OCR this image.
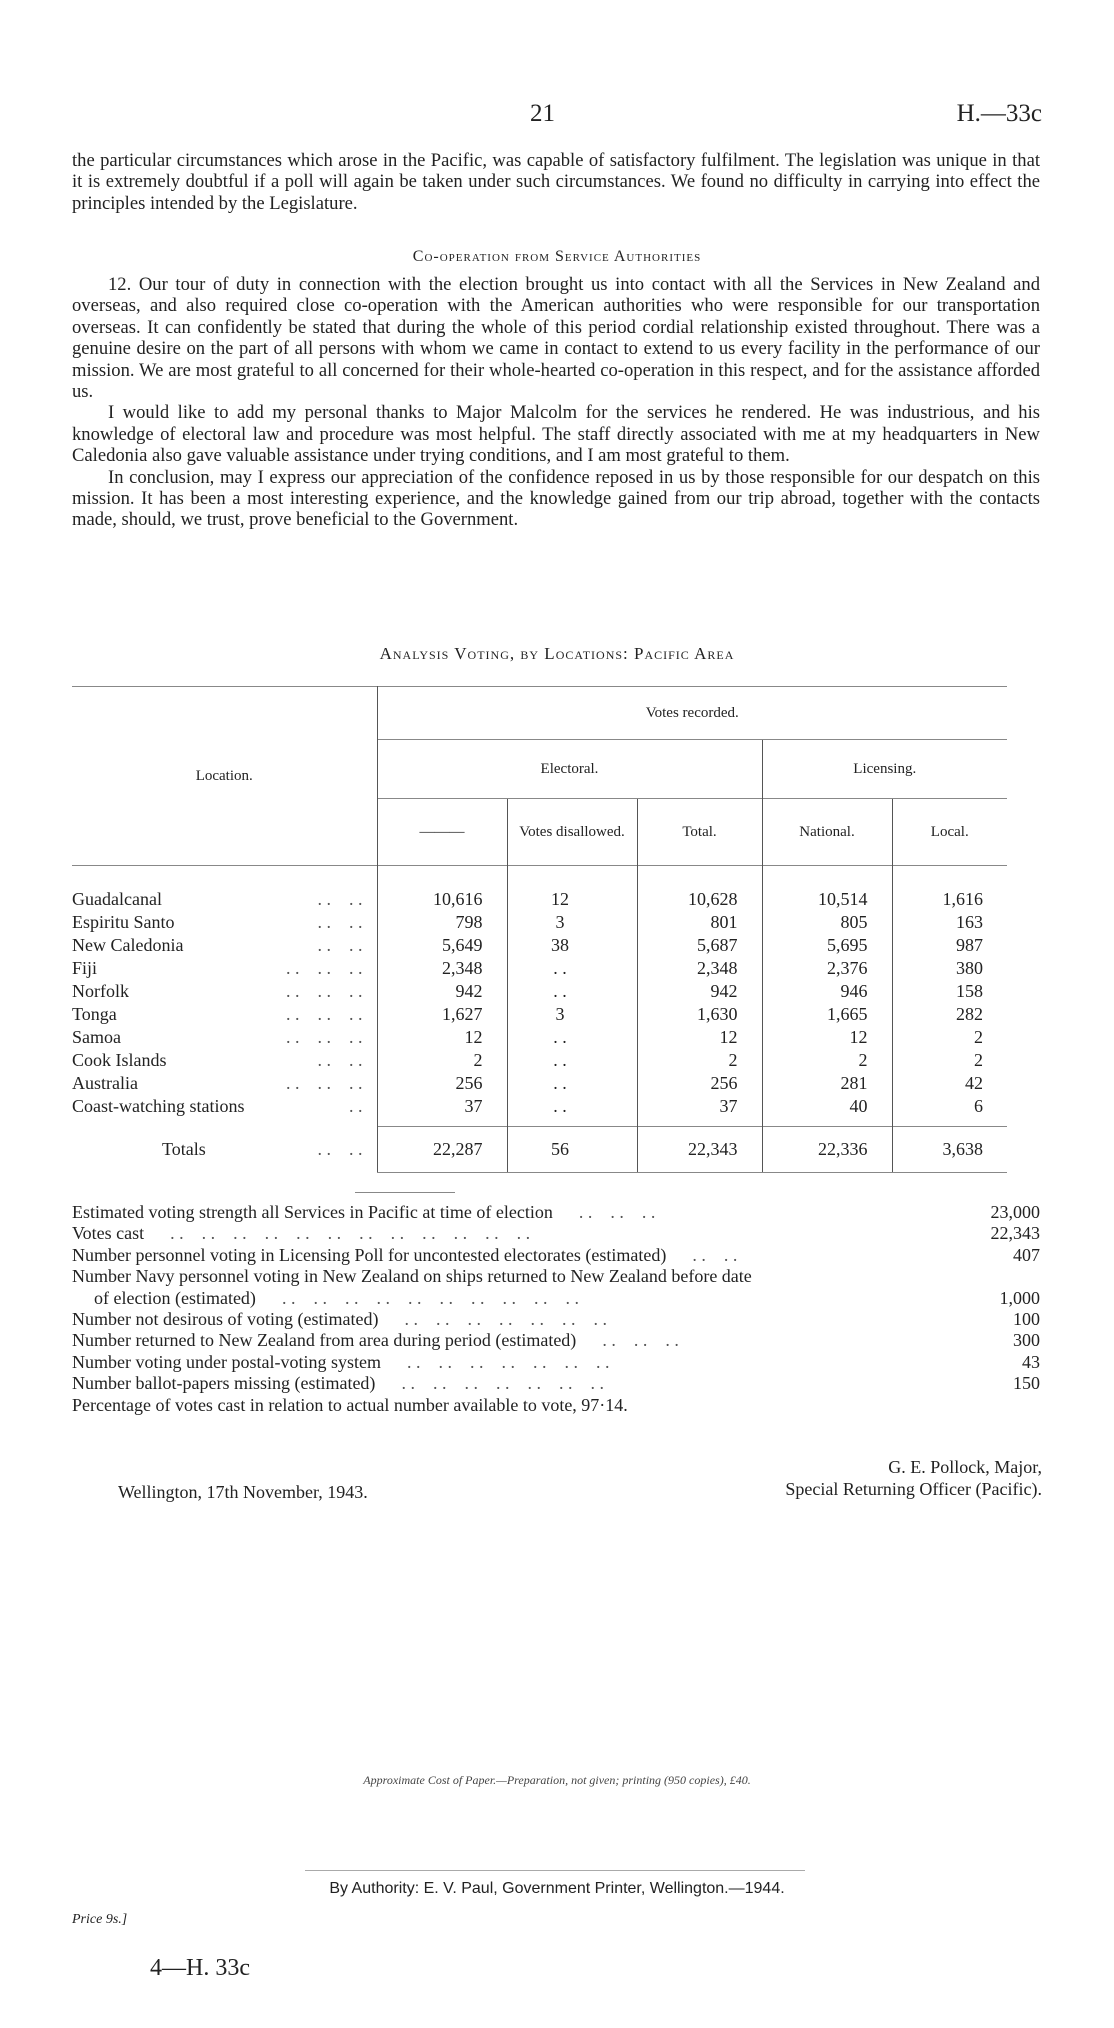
21	H.—33c

the particular circumstances which arose in the Pacific, was capable of satisfactory fulfilment. The legislation was unique in that it is extremely doubtful if a poll will again be taken under such circumstances. We found no difficulty in carrying into effect the principles intended by the Legislature.

Co-operation from Service Authorities

12. Our tour of duty in connection with the election brought us into contact with all the Services in New Zealand and overseas, and also required close co-operation with the American authorities who were responsible for our transportation overseas. It can confidently be stated that during the whole of this period cordial relationship existed throughout. There was a genuine desire on the part of all persons with whom we came in contact to extend to us every facility in the performance of our mission. We are most grateful to all concerned for their whole-hearted co-operation in this respect, and for the assistance afforded us.

I would like to add my personal thanks to Major Malcolm for the services he rendered. He was industrious, and his knowledge of electoral law and procedure was most helpful. The staff directly associated with me at my headquarters in New Caledonia also gave valuable assistance under trying conditions, and I am most grateful to them.

In conclusion, may I express our appreciation of the confidence reposed in us by those responsible for our despatch on this mission. It has been a most interesting experience, and the knowledge gained from our trip abroad, together with the contacts made, should, we trust, prove beneficial to the Government.

Analysis Voting, by Locations: Pacific Area
Location.	Votes recorded.				
	Electoral.			Licensing.	
	———	Votes disallowed.	Total.	National.	Local.

Guadalcanal . .    . .	10,616	12	10,628	10,514	1,616
Espiritu Santo . .    . .	798	3	801	805	163
New Caledonia . .    . .	5,649	38	5,687	5,695	987
Fiji . .    . .    . .	2,348	. .	2,348	2,376	380
Norfolk . .    . .    . .	942	. .	942	946	158
Tonga . .    . .    . .	1,627	3	1,630	1,665	282
Samoa . .    . .    . .	12	. .	12	12	2
Cook Islands . .    . .	2	. .	2	2	2
Australia . .    . .    . .	256	. .	256	281	42
Coast-watching stations . .	37	. .	37	40	6

Totals . .    . .	22,287	56	22,343	22,336	3,638
Estimated voting strength all Services in Pacific at time of election . .    . .    . .	23,000
Votes cast . .    . .    . .    . .    . .    . .    . .    . .    . .    . .    . .    . .	22,343
Number personnel voting in Licensing Poll for uncontested electorates (estimated) . .    . .	407
Number Navy personnel voting in New Zealand on ships returned to New Zealand before date
of election (estimated) . .    . .    . .    . .    . .    . .    . .    . .    . .    . .	1,000
Number not desirous of voting (estimated) . .    . .    . .    . .    . .    . .    . .	100
Number returned to New Zealand from area during period (estimated) . .    . .    . .	300
Number voting under postal-voting system . .    . .    . .    . .    . .    . .    . .	43
Number ballot-papers missing (estimated) . .    . .    . .    . .    . .    . .    . .	150
Percentage of votes cast in relation to actual number available to vote, 97·14.
Wellington, 17th November, 1943.
G. E. Pollock, Major,
Special Returning Officer (Pacific).
Approximate Cost of Paper.—Preparation, not given; printing (950 copies), £40.
By Authority: E. V. Paul, Government Printer, Wellington.—1944.
Price 9s.]
4—H. 33c
